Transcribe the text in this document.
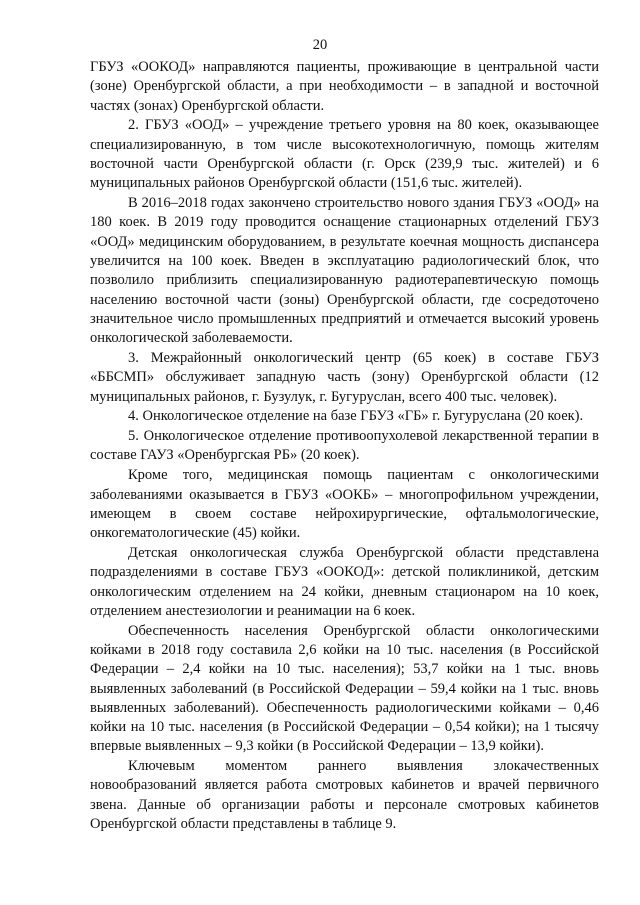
20

ГБУЗ «ООКОД» направляются пациенты, проживающие в центральной части (зоне) Оренбургской области, а при необходимости – в западной и восточной частях (зонах) Оренбургской области.

2. ГБУЗ «ООД» – учреждение третьего уровня на 80 коек, оказывающее специализированную, в том числе высокотехнологичную, помощь жителям восточной части Оренбургской области (г. Орск (239,9 тыс. жителей) и 6 муниципальных районов Оренбургской области (151,6 тыс. жителей).

В 2016–2018 годах закончено строительство нового здания ГБУЗ «ООД» на 180 коек. В 2019 году проводится оснащение стационарных отделений ГБУЗ «ООД» медицинским оборудованием, в результате коечная мощность диспансера увеличится на 100 коек. Введен в эксплуатацию радиологический блок, что позволило приблизить специализированную радиотерапевтическую помощь населению восточной части (зоны) Оренбургской области, где сосредоточено значительное число промышленных предприятий и отмечается высокий уровень онкологической заболеваемости.

3. Межрайонный онкологический центр (65 коек) в составе ГБУЗ «ББСМП» обслуживает западную часть (зону) Оренбургской области (12 муниципальных районов, г. Бузулук, г. Бугуруслан, всего 400 тыс. человек).

4. Онкологическое отделение на базе ГБУЗ «ГБ» г. Бугуруслана (20 коек).

5. Онкологическое отделение противоопухолевой лекарственной терапии в составе ГАУЗ «Оренбургская РБ» (20 коек).

Кроме того, медицинская помощь пациентам с онкологическими заболеваниями оказывается в ГБУЗ «ООКБ» – многопрофильном учреждении, имеющем в своем составе нейрохирургические, офтальмологические, онкогематологические (45) койки.

Детская онкологическая служба Оренбургской области представлена подразделениями в составе ГБУЗ «ООКОД»: детской поликлиникой, детским онкологическим отделением на 24 койки, дневным стационаром на 10 коек, отделением анестезиологии и реанимации на 6 коек.

Обеспеченность населения Оренбургской области онкологическими койками в 2018 году составила 2,6 койки на 10 тыс. населения (в Российской Федерации – 2,4 койки на 10 тыс. населения); 53,7 койки на 1 тыс. вновь выявленных заболеваний (в Российской Федерации – 59,4 койки на 1 тыс. вновь выявленных заболеваний). Обеспеченность радиологическими койками – 0,46 койки на 10 тыс. населения (в Российской Федерации – 0,54 койки); на 1 тысячу впервые выявленных – 9,3 койки (в Российской Федерации – 13,9 койки).

Ключевым моментом раннего выявления злокачественных новообразований является работа смотровых кабинетов и врачей первичного звена. Данные об организации работы и персонале смотровых кабинетов Оренбургской области представлены в таблице 9.
